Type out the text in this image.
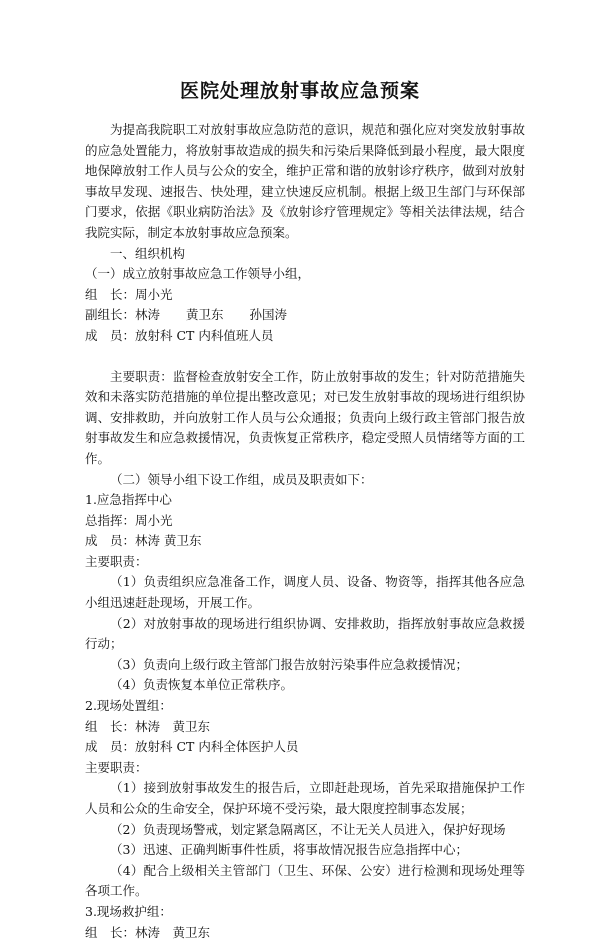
医院处理放射事故应急预案
为提高我院职工对放射事故应急防范的意识，规范和强化应对突发放射事故的应急处置能力，将放射事故造成的损失和污染后果降低到最小程度，最大限度地保障放射工作人员与公众的安全，维护正常和谐的放射诊疗秩序，做到对放射事故早发现、速报告、快处理，建立快速反应机制。根据上级卫生部门与环保部门要求，依据《职业病防治法》及《放射诊疗管理规定》等相关法律法规，结合我院实际，制定本放射事故应急预案。
一、组织机构
（一）成立放射事故应急工作领导小组，
组　长：周小光
副组长：林涛 黄卫东 孙国涛
成　员：放射科 CT 内科值班人员
主要职责：监督检查放射安全工作，防止放射事故的发生；针对防范措施失效和未落实防范措施的单位提出整改意见；对已发生放射事故的现场进行组织协调、安排救助，并向放射工作人员与公众通报；负责向上级行政主管部门报告放射事故发生和应急救援情况，负责恢复正常秩序，稳定受照人员情绪等方面的工作。
（二）领导小组下设工作组，成员及职责如下：
1.应急指挥中心
总指挥：周小光
成　员：林涛 黄卫东
主要职责：
（1）负责组织应急准备工作，调度人员、设备、物资等，指挥其他各应急小组迅速赶赴现场，开展工作。
（2）对放射事故的现场进行组织协调、安排救助，指挥放射事故应急救援行动；
（3）负责向上级行政主管部门报告放射污染事件应急救援情况；
（4）负责恢复本单位正常秩序。
2.现场处置组：
组　长：林涛　黄卫东
成　员：放射科 CT 内科全体医护人员
主要职责：
（1）接到放射事故发生的报告后，立即赶赴现场，首先采取措施保护工作人员和公众的生命安全，保护环境不受污染，最大限度控制事态发展；
（2）负责现场警戒，划定紧急隔离区，不让无关人员进入，保护好现场
（3）迅速、正确判断事件性质，将事故情况报告应急指挥中心；
（4）配合上级相关主管部门（卫生、环保、公安）进行检测和现场处理等各项工作。
3.现场救护组：
组　长：林涛　黄卫东
